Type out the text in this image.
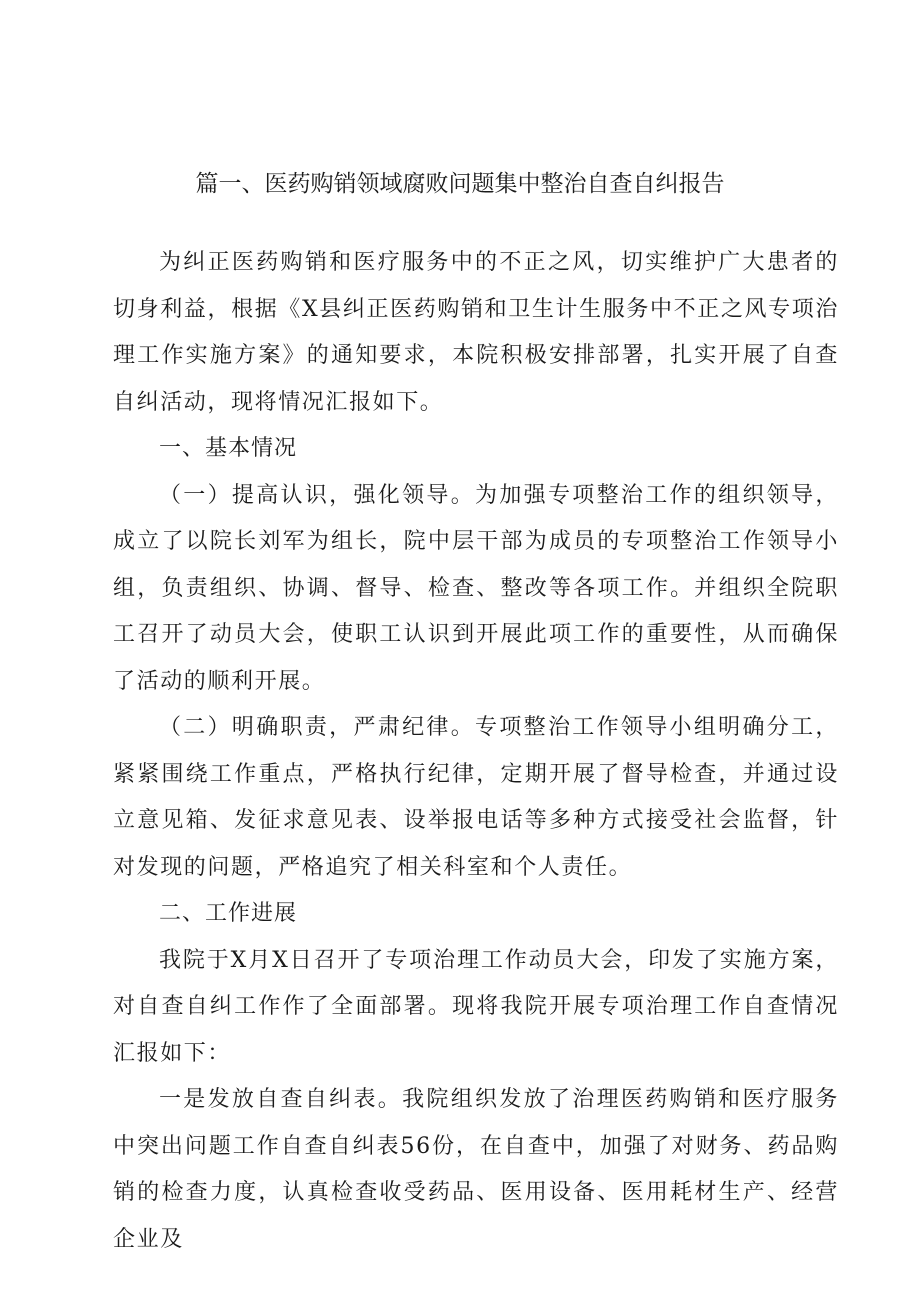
篇一、医药购销领域腐败问题集中整治自查自纠报告

为纠正医药购销和医疗服务中的不正之风，切实维护广大患者的切身利益，根据《X县纠正医药购销和卫生计生服务中不正之风专项治理工作实施方案》的通知要求，本院积极安排部署，扎实开展了自查自纠活动，现将情况汇报如下。

一、基本情况

（一）提高认识，强化领导。为加强专项整治工作的组织领导，成立了以院长刘军为组长，院中层干部为成员的专项整治工作领导小组，负责组织、协调、督导、检查、整改等各项工作。并组织全院职工召开了动员大会，使职工认识到开展此项工作的重要性，从而确保了活动的顺利开展。

（二）明确职责，严肃纪律。专项整治工作领导小组明确分工，紧紧围绕工作重点，严格执行纪律，定期开展了督导检查，并通过设立意见箱、发征求意见表、设举报电话等多种方式接受社会监督，针对发现的问题，严格追究了相关科室和个人责任。

二、工作进展

我院于X月X日召开了专项治理工作动员大会，印发了实施方案，对自查自纠工作作了全面部署。现将我院开展专项治理工作自查情况汇报如下：

一是发放自查自纠表。我院组织发放了治理医药购销和医疗服务中突出问题工作自查自纠表56份，在自查中，加强了对财务、药品购销的检查力度，认真检查收受药品、医用设备、医用耗材生产、经营企业及
